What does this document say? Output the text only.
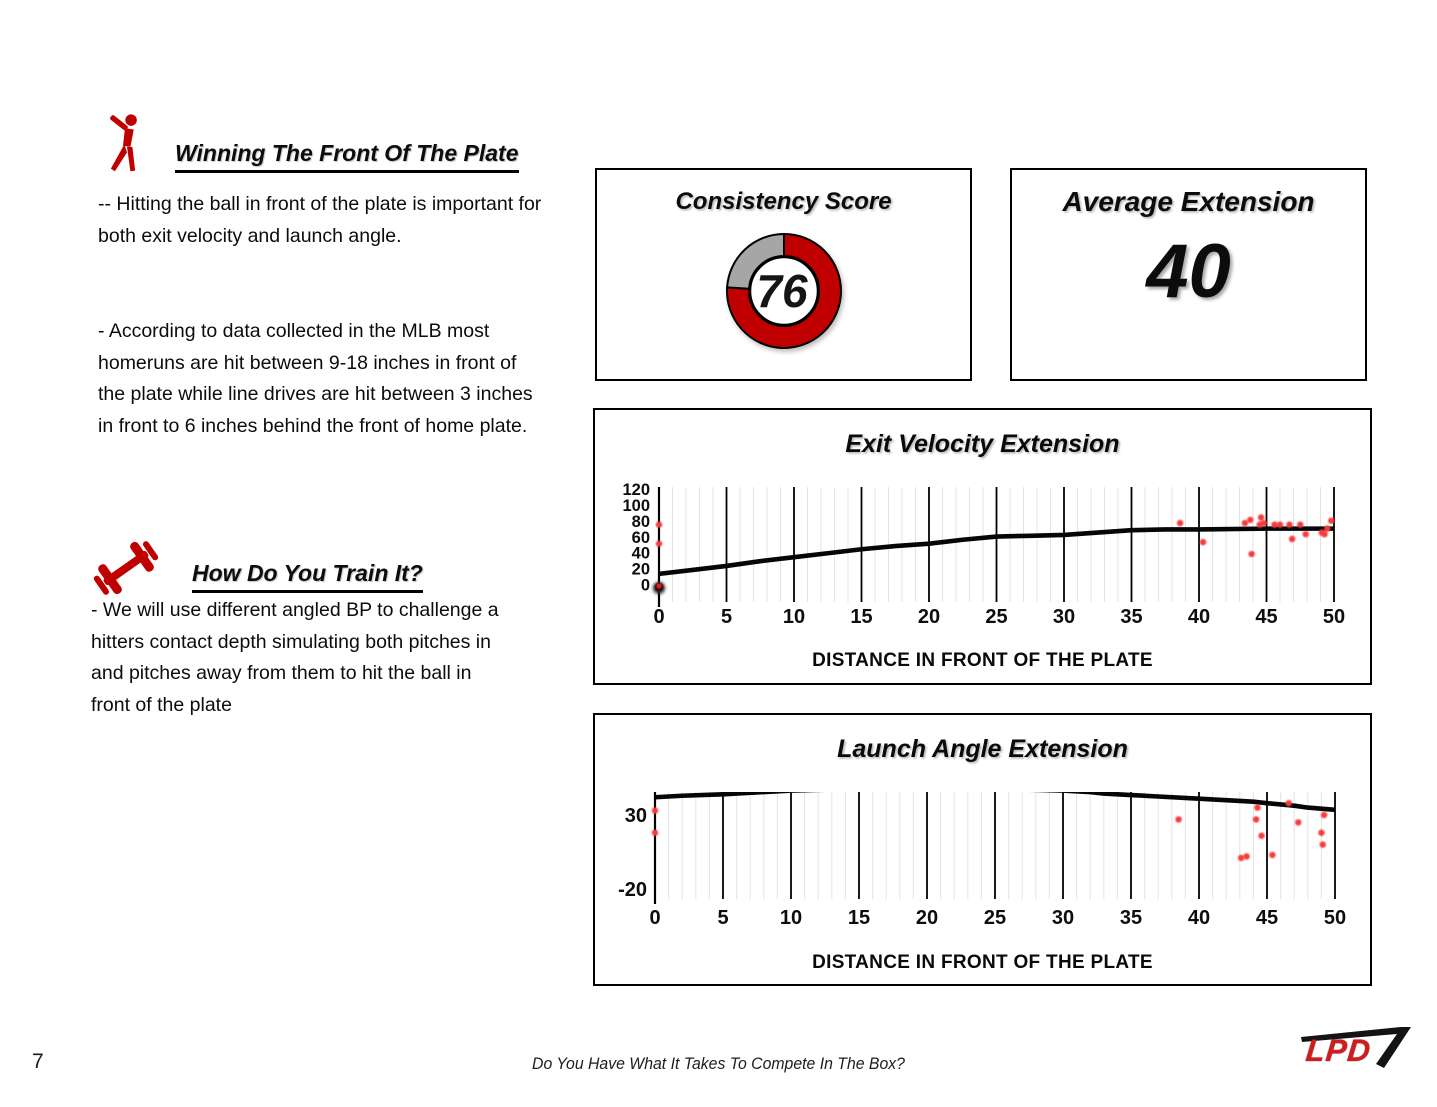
Winning The Front Of The Plate
-- Hitting the ball in front of the plate is important for both exit velocity and launch angle.
- According to data collected in the MLB most homeruns are hit between 9-18 inches in front of the plate while line drives are hit between 3 inches in front to 6 inches behind the front of home plate.
How Do You Train It?
- We will use different angled BP to challenge a hitters contact depth simulating both pitches in and pitches away from them to hit the ball in front of the plate
Consistency Score
76
Average Extension
40
Exit Velocity Extension
0	5	10 15 20 25 30 35 40 45 50
0
20
40
60
80
100
120
DISTANCE IN FRONT OF THE PLATE
Launch Angle Extension
0	5	10 15 20 25 30 35 40 45 50
30
-20
DISTANCE IN FRONT OF THE PLATE
7	Do You Have What It Takes To Compete In The Box?	LPD
